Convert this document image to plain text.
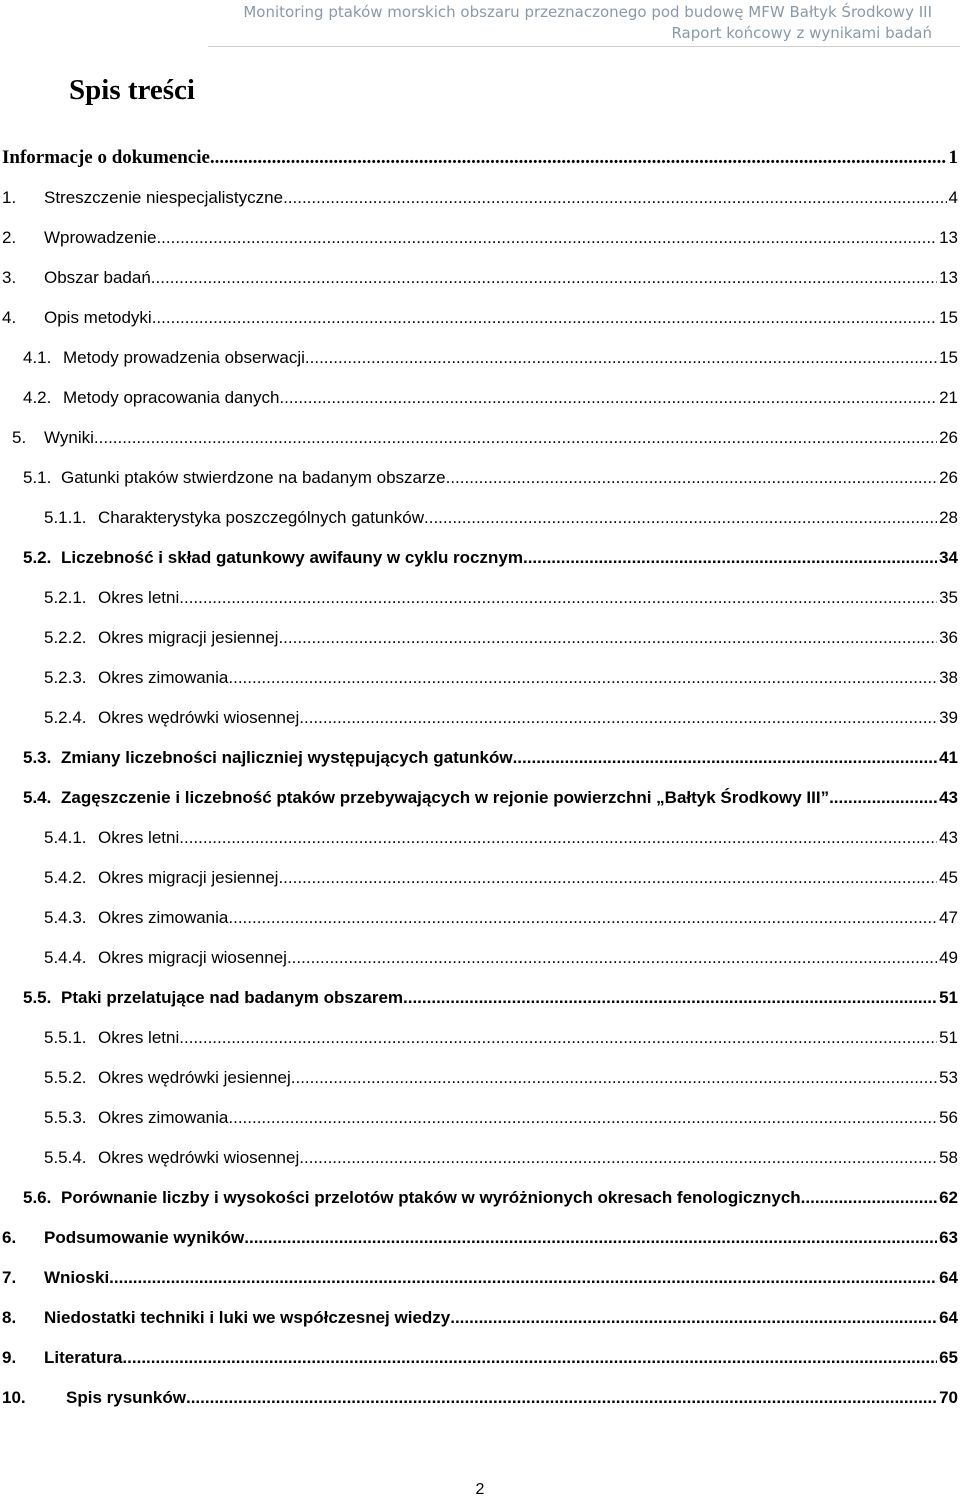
Monitoring ptaków morskich obszaru przeznaczonego pod budowę MFW Bałtyk Środkowy III
Raport końcowy z wynikami badań
Spis treści
Informacje o dokumencie .....	1
1.	Streszczenie niespecjalistyczne .....	4
2.	Wprowadzenie .....	13
3.	Obszar badań .....	13
4.	Opis metodyki .....	15
4.1. Metody prowadzenia obserwacji .....	15
4.2. Metody opracowania danych .....	21
5.	Wyniki .....	26
5.1. Gatunki ptaków stwierdzone na badanym obszarze .....	26
5.1.1. Charakterystyka poszczególnych gatunków .....	28
5.2. Liczebność i skład gatunkowy awifauny w cyklu rocznym .....	34
5.2.1. Okres letni .....	35
5.2.2. Okres migracji jesiennej .....	36
5.2.3. Okres zimowania .....	38
5.2.4. Okres wędrówki wiosennej .....	39
5.3. Zmiany liczebności najliczniej występujących gatunków .....	41
5.4. Zagęszczenie i liczebność ptaków przebywających w rejonie powierzchni „Bałtyk Środkowy III” .....	43
5.4.1. Okres letni .....	43
5.4.2. Okres migracji jesiennej .....	45
5.4.3. Okres zimowania .....	47
5.4.4. Okres migracji wiosennej .....	49
5.5. Ptaki przelatujące nad badanym obszarem .....	51
5.5.1. Okres letni .....	51
5.5.2. Okres wędrówki jesiennej .....	53
5.5.3. Okres zimowania .....	56
5.5.4. Okres wędrówki wiosennej .....	58
5.6. Porównanie liczby i wysokości przelotów ptaków w wyróżnionych okresach fenologicznych .....	62
6.	Podsumowanie wyników .....	63
7.	Wnioski .....	64
8.	Niedostatki techniki i luki we współczesnej wiedzy .....	64
9.	Literatura .....	65
10.	Spis rysunków .....	70
2
